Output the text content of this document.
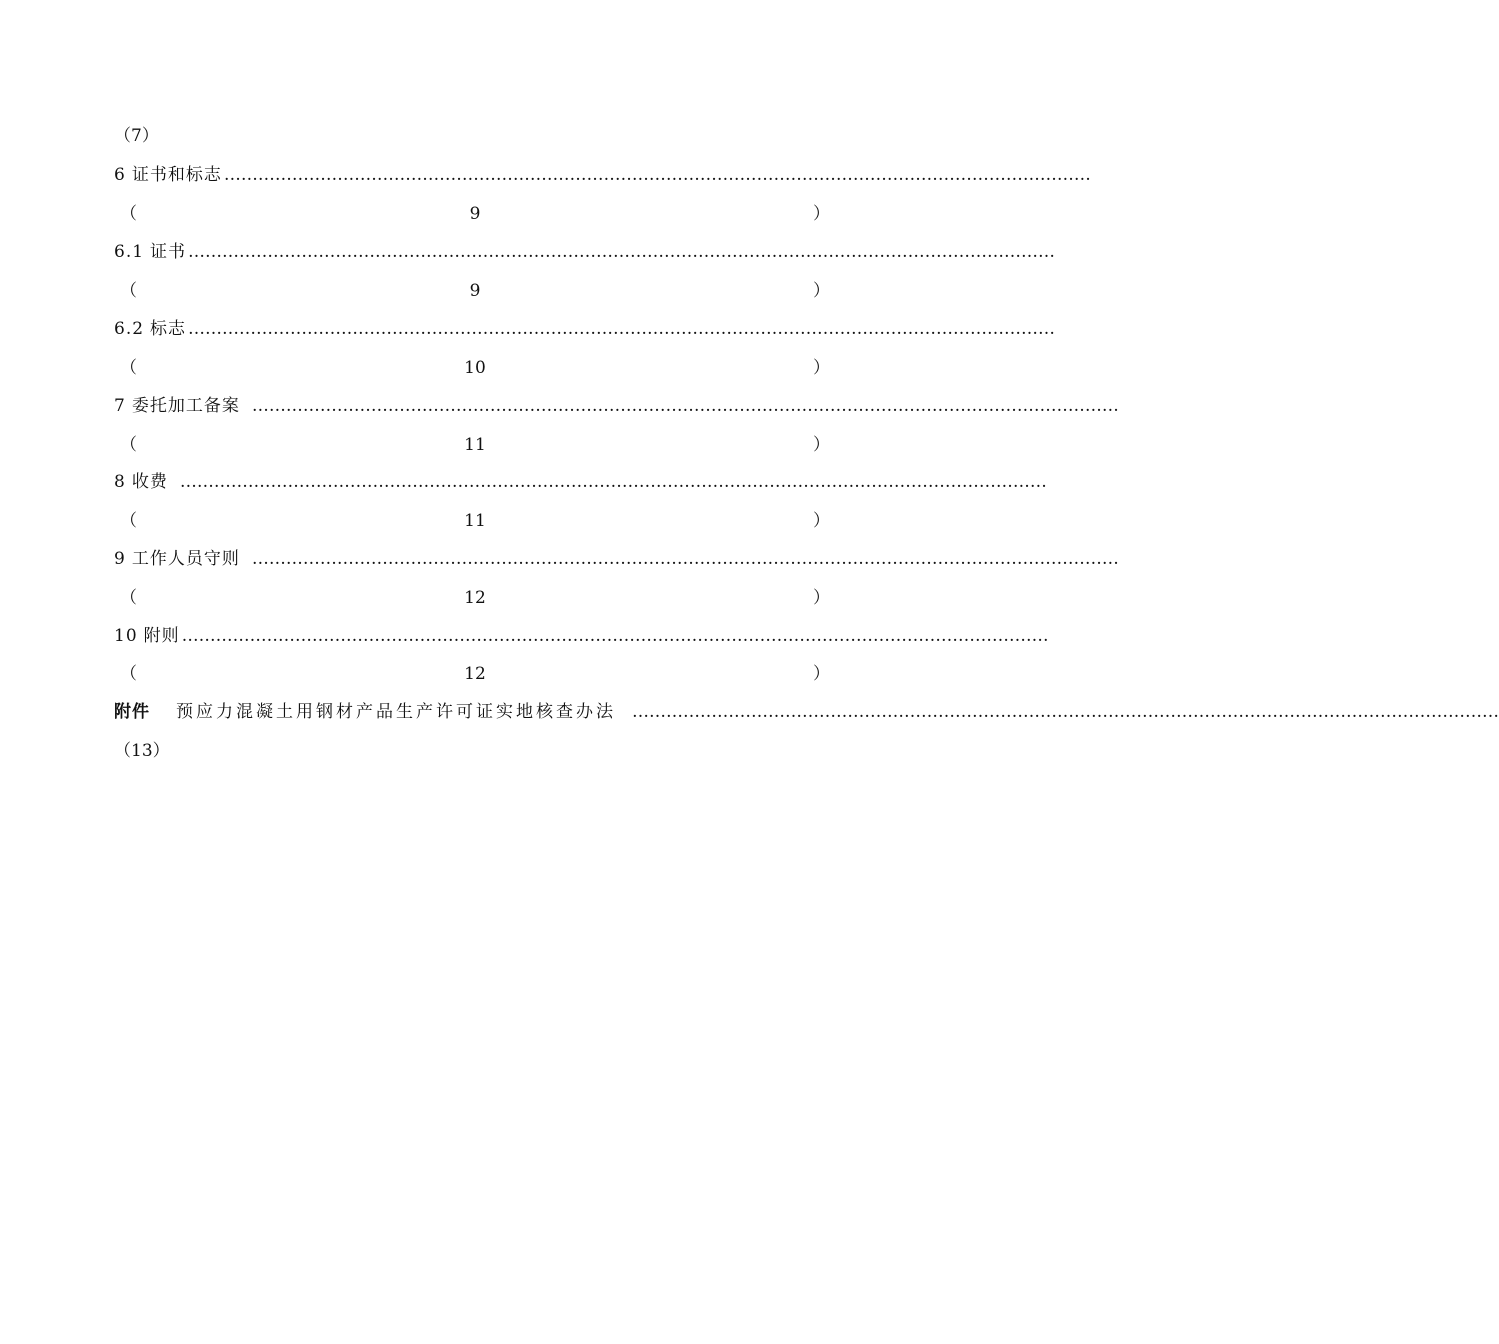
（7）
6 证书和标志 ………………………………………………………………………………………………………………………………………
（	9	）
6.1 证书 ………………………………………………………………………………………………………………………………………
（	9	）
6.2 标志 ………………………………………………………………………………………………………………………………………
（	10	）
7 委托加工备案 ………………………………………………………………………………………………………………………………………
（	11	）
8 收费 ………………………………………………………………………………………………………………………………………
（	11	）
9 工作人员守则 ………………………………………………………………………………………………………………………………………
（	12	）
10 附则 ………………………………………………………………………………………………………………………………………
（	12	）
附件 预应力混凝土用钢材产品生产许可证实地核查办法 ………………………………………………………………………………………………………………………………………
（13）
